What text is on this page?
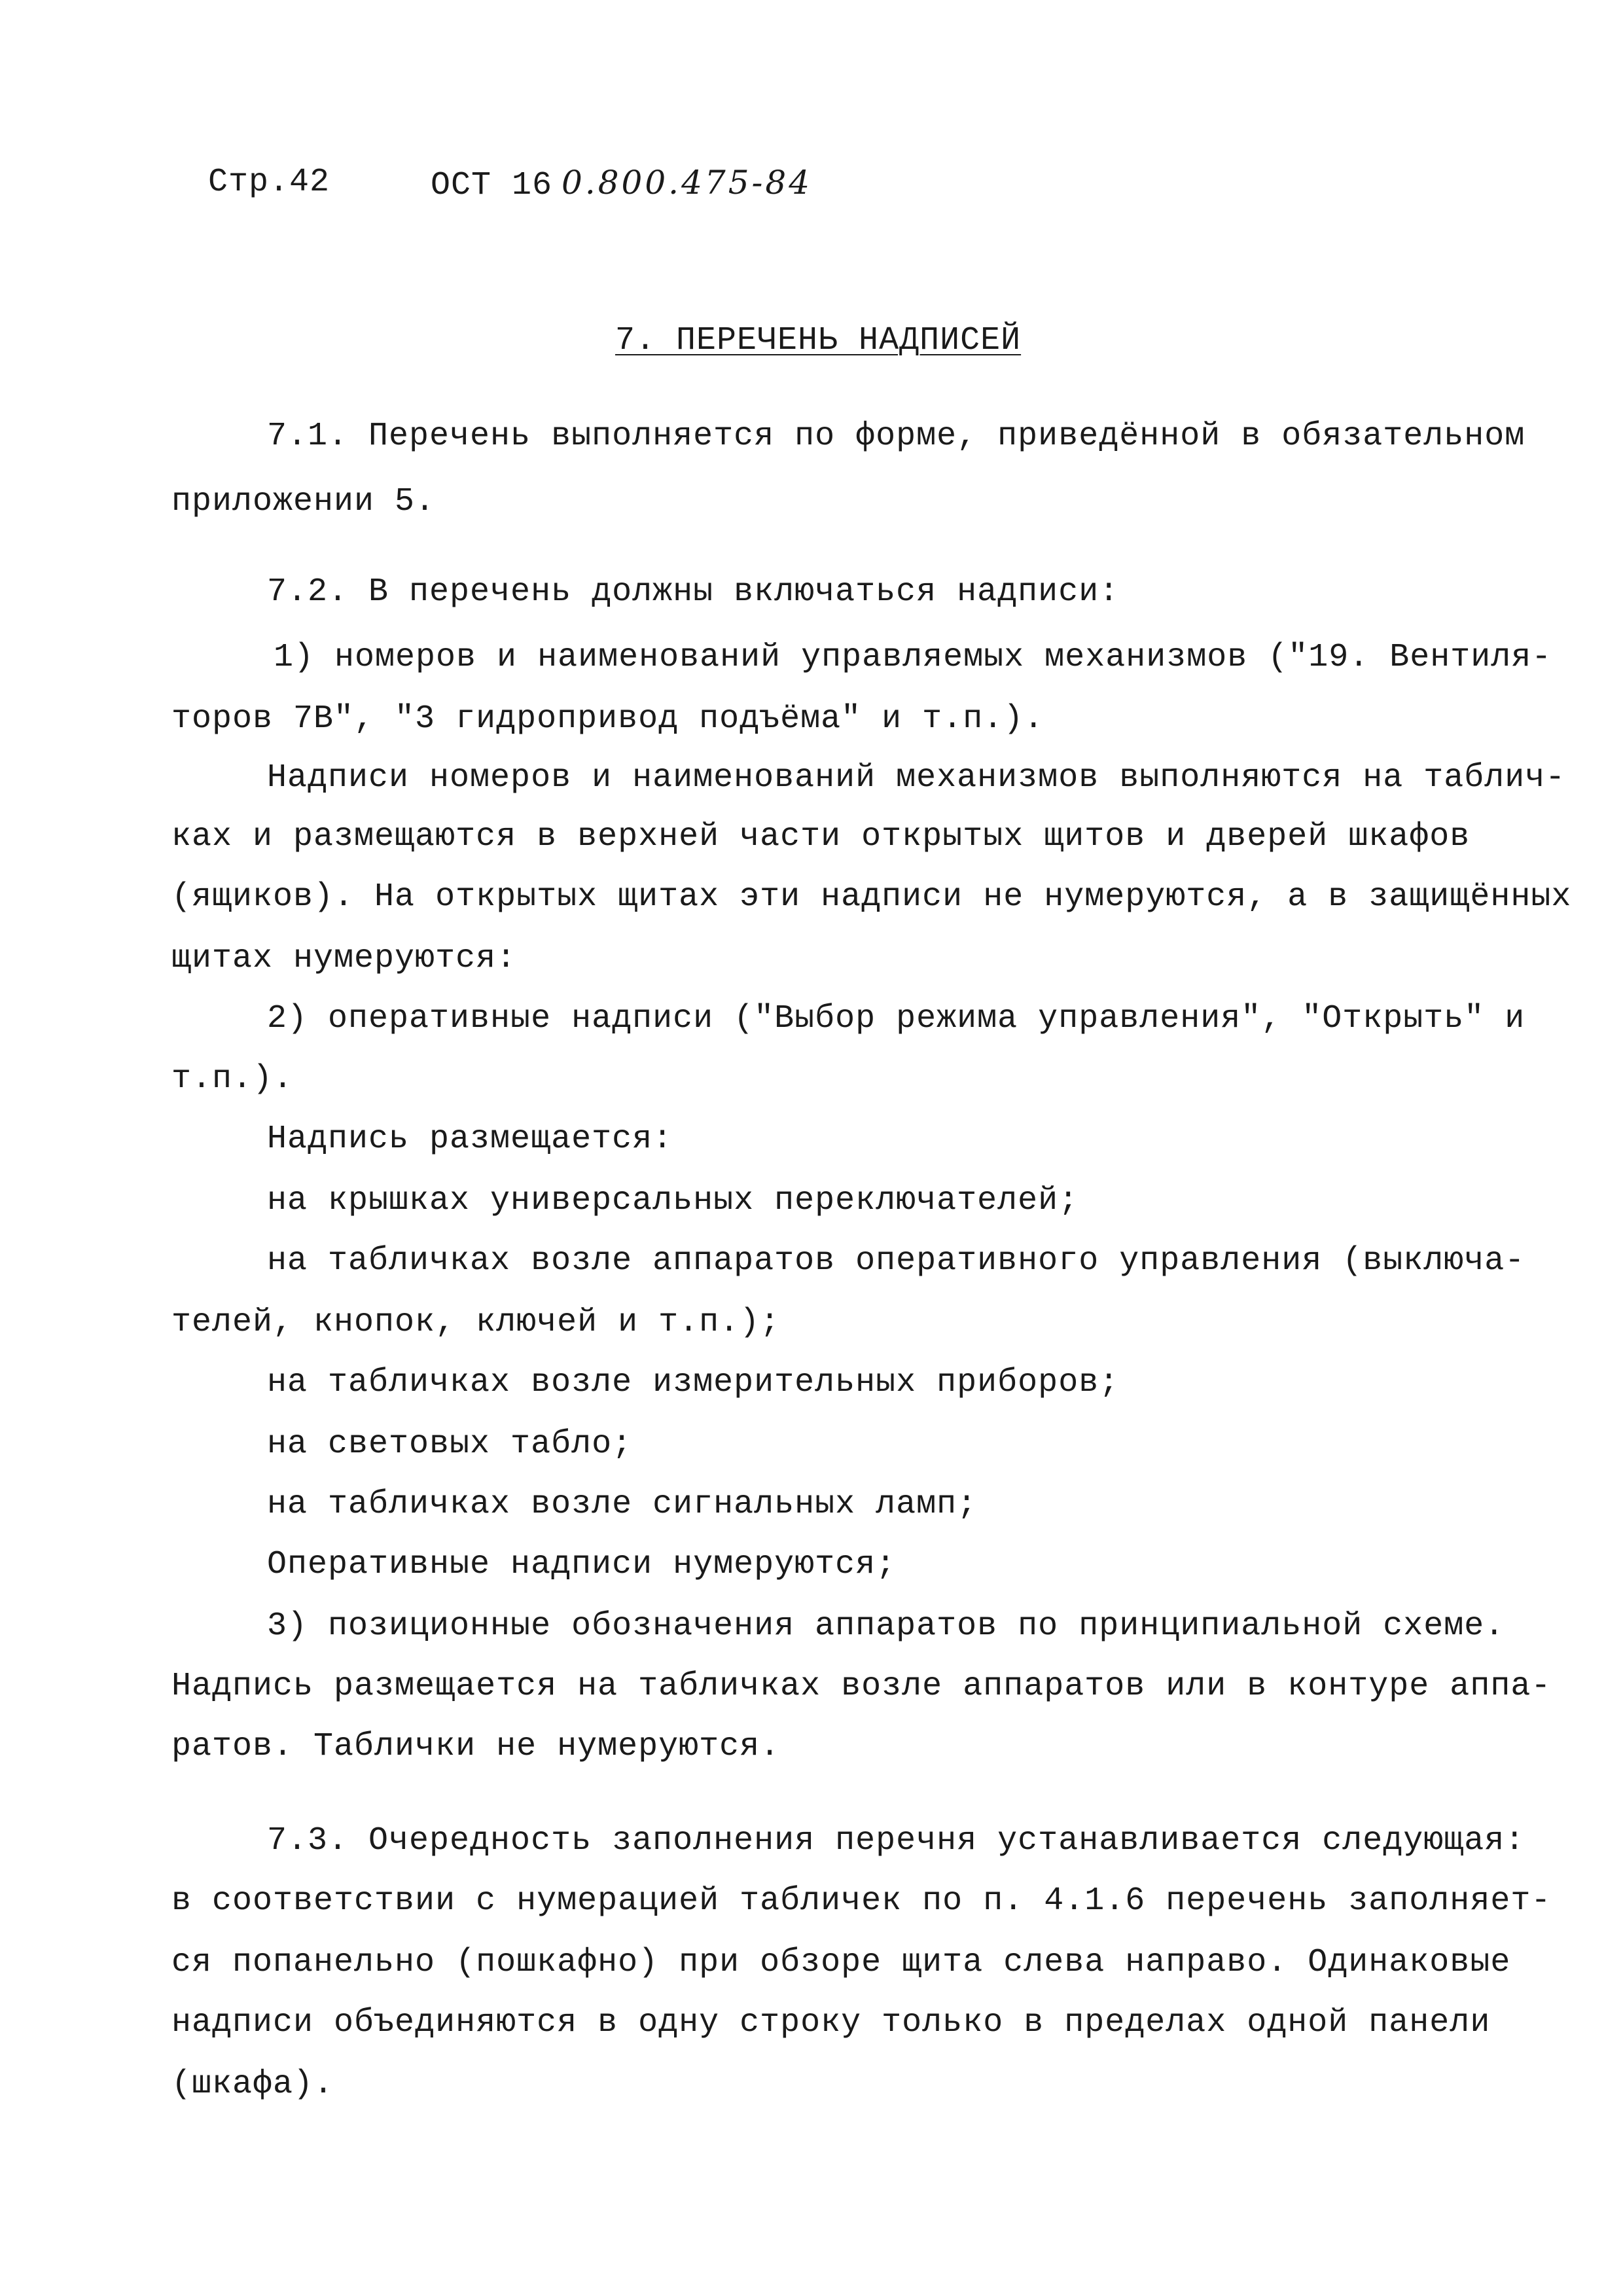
Стр.42	ОСТ 16 0.800.475-84
7. ПЕРЕЧЕНЬ НАДПИСЕЙ
7.1. Перечень выполняется по форме, приведённой в обязательном
приложении 5.
7.2. В перечень должны включаться надписи:
1) номеров и наименований управляемых механизмов ("19. Вентиля-
торов 7В", "3 гидропривод подъёма" и т.п.).
Надписи номеров и наименований механизмов выполняются на таблич-
ках и размещаются в верхней части открытых щитов и дверей шкафов
(ящиков). На открытых щитах эти надписи не нумеруются, а в защищённых
щитах нумеруются:
2) оперативные надписи ("Выбор режима управления", "Открыть" и
т.п.).
Надпись размещается:
на крышках универсальных переключателей;
на табличках возле аппаратов оперативного управления (выключа-
телей, кнопок, ключей и т.п.);
на табличках возле измерительных приборов;
на световых табло;
на табличках возле сигнальных ламп;
Оперативные надписи нумеруются;
3) позиционные обозначения аппаратов по принципиальной схеме.
Надпись размещается на табличках возле аппаратов или в контуре аппа-
ратов. Таблички не нумеруются.
7.3. Очередность заполнения перечня устанавливается следующая:
в соответствии с нумерацией табличек по п. 4.1.6 перечень заполняет-
ся попанельно (пошкафно) при обзоре щита слева направо. Одинаковые
надписи объединяются в одну строку только в пределах одной панели
(шкафа).
